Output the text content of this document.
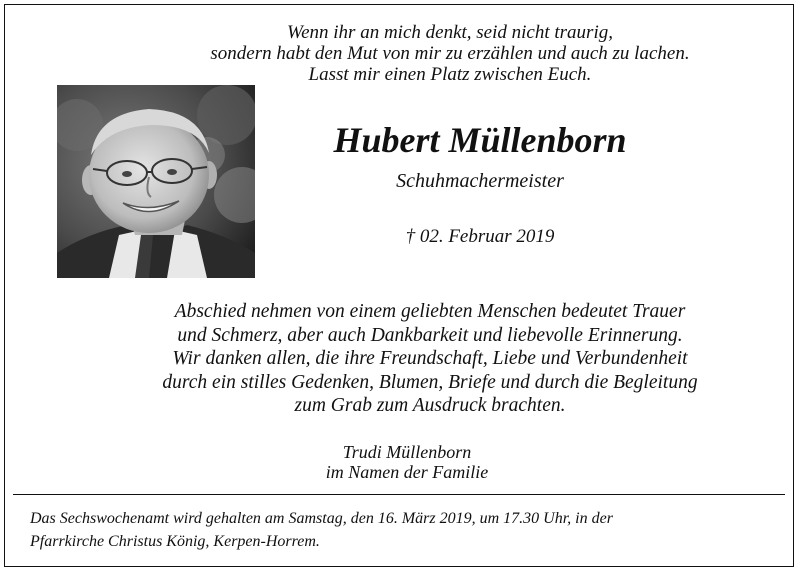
Wenn ihr an mich denkt, seid nicht traurig,
sondern habt den Mut von mir zu erzählen und auch zu lachen.
Lasst mir einen Platz zwischen Euch.
Hubert Müllenborn
Schuhmachermeister
† 02. Februar 2019
Abschied nehmen von einem geliebten Menschen bedeutet Trauer
und Schmerz, aber auch Dankbarkeit und liebevolle Erinnerung.
Wir danken allen, die ihre Freundschaft, Liebe und Verbundenheit
durch ein stilles Gedenken, Blumen, Briefe und durch die Begleitung
zum Grab zum Ausdruck brachten.
Trudi Müllenborn
im Namen der Familie
Das Sechswochenamt wird gehalten am Samstag, den 16. März 2019, um 17.30 Uhr, in der
Pfarrkirche Christus König, Kerpen-Horrem.
